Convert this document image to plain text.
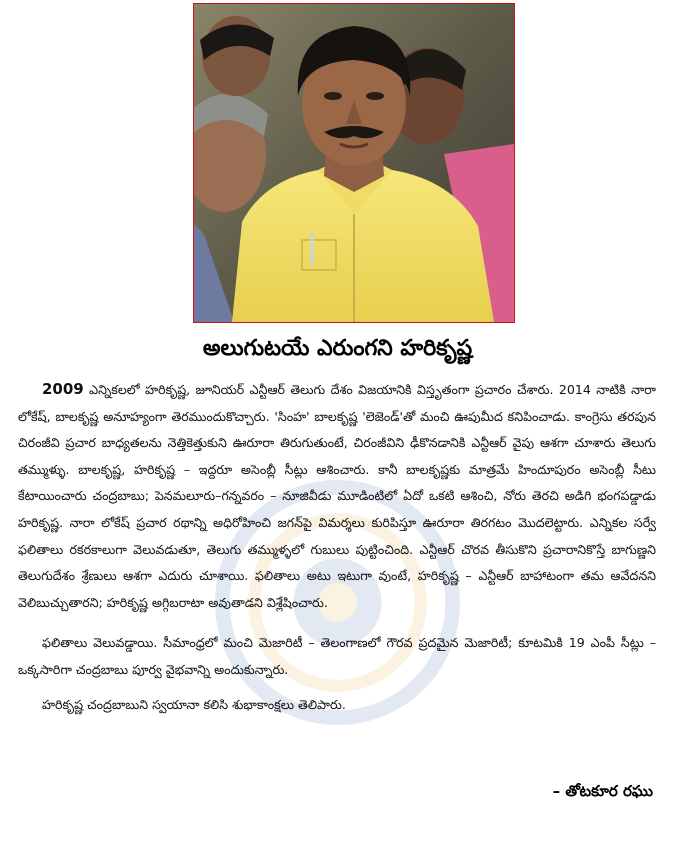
అలుగుటయే ఎరుంగని హరికృష్ణ

2009 ఎన్నికలలో హరికృష్ణ, జూనియర్ ఎన్టీఆర్ తెలుగు దేశం విజయానికి విస్తృతంగా ప్రచారం చేశారు. 2014 నాటికి నారా లోకేష్, బాలకృష్ణ అనూహ్యంగా తెరముందుకొచ్చారు. 'సింహ' బాలకృష్ణ 'లెజెండ్'తో మంచి ఊపుమీద కనిపించాడు. కాంగ్రెసు తరపున చిరంజీవి ప్రచార బాధ్యతలను నెత్తికెత్తుకుని ఊరూరా తిరుగుతుంటే, చిరంజీవిని ఢీకొనడానికి ఎన్టీఆర్ వైపు ఆశగా చూశారు తెలుగు తమ్ముళ్ళు. బాలకృష్ణ, హరికృష్ణ – ఇద్దరూ అసెంబ్లీ సీట్లు ఆశించారు. కానీ బాలకృష్ణకు మాత్రమే హిందూపురం అసెంబ్లీ సీటు కేటాయించారు చంద్రబాబు; పెనమలూరు–గన్నవరం – నూజివీడు మూడింటిలో ఏదో ఒకటి ఆశించి, నోరు తెరచి అడిగి భంగపడ్డాడు హరికృష్ణ. నారా లోకేష్ ప్రచార రథాన్ని అధిరోహించి జగన్‌పై విమర్శలు కురిపిస్తూ ఊరూరా తిరగటం మొదలెట్టారు. ఎన్నికల సర్వే ఫలితాలు రకరకాలుగా వెలువడుతూ, తెలుగు తమ్ముళ్ళలో గుబులు పుట్టించింది. ఎన్టీఆర్ చొరవ తీసుకొని ప్రచారానికొస్తే బాగుణ్ణని తెలుగుదేశం శ్రేణులు ఆశగా ఎదురు చూశాయి. ఫలితాలు అటు ఇటుగా వుంటే, హరికృష్ణ – ఎన్టీఆర్ బాహాటంగా తమ ఆవేదనని వెలిబుచ్చుతారని; హరికృష్ణ అగ్గిబరాటా అవుతాడని విశ్లేషించారు.

ఫలితాలు వెలువడ్డాయి. సీమాంధ్రలో మంచి మెజారిటీ – తెలంగాణలో గౌరవ ప్రదమైన మెజారిటీ; కూటమికి 19 ఎంపీ సీట్లు – ఒక్కసారిగా చంద్రబాబు పూర్వ వైభవాన్ని అందుకున్నారు.

హరికృష్ణ చంద్రబాబుని స్వయానా కలిసి శుభాకాంక్షలు తెలిపారు.

– తోటకూర రఘు
